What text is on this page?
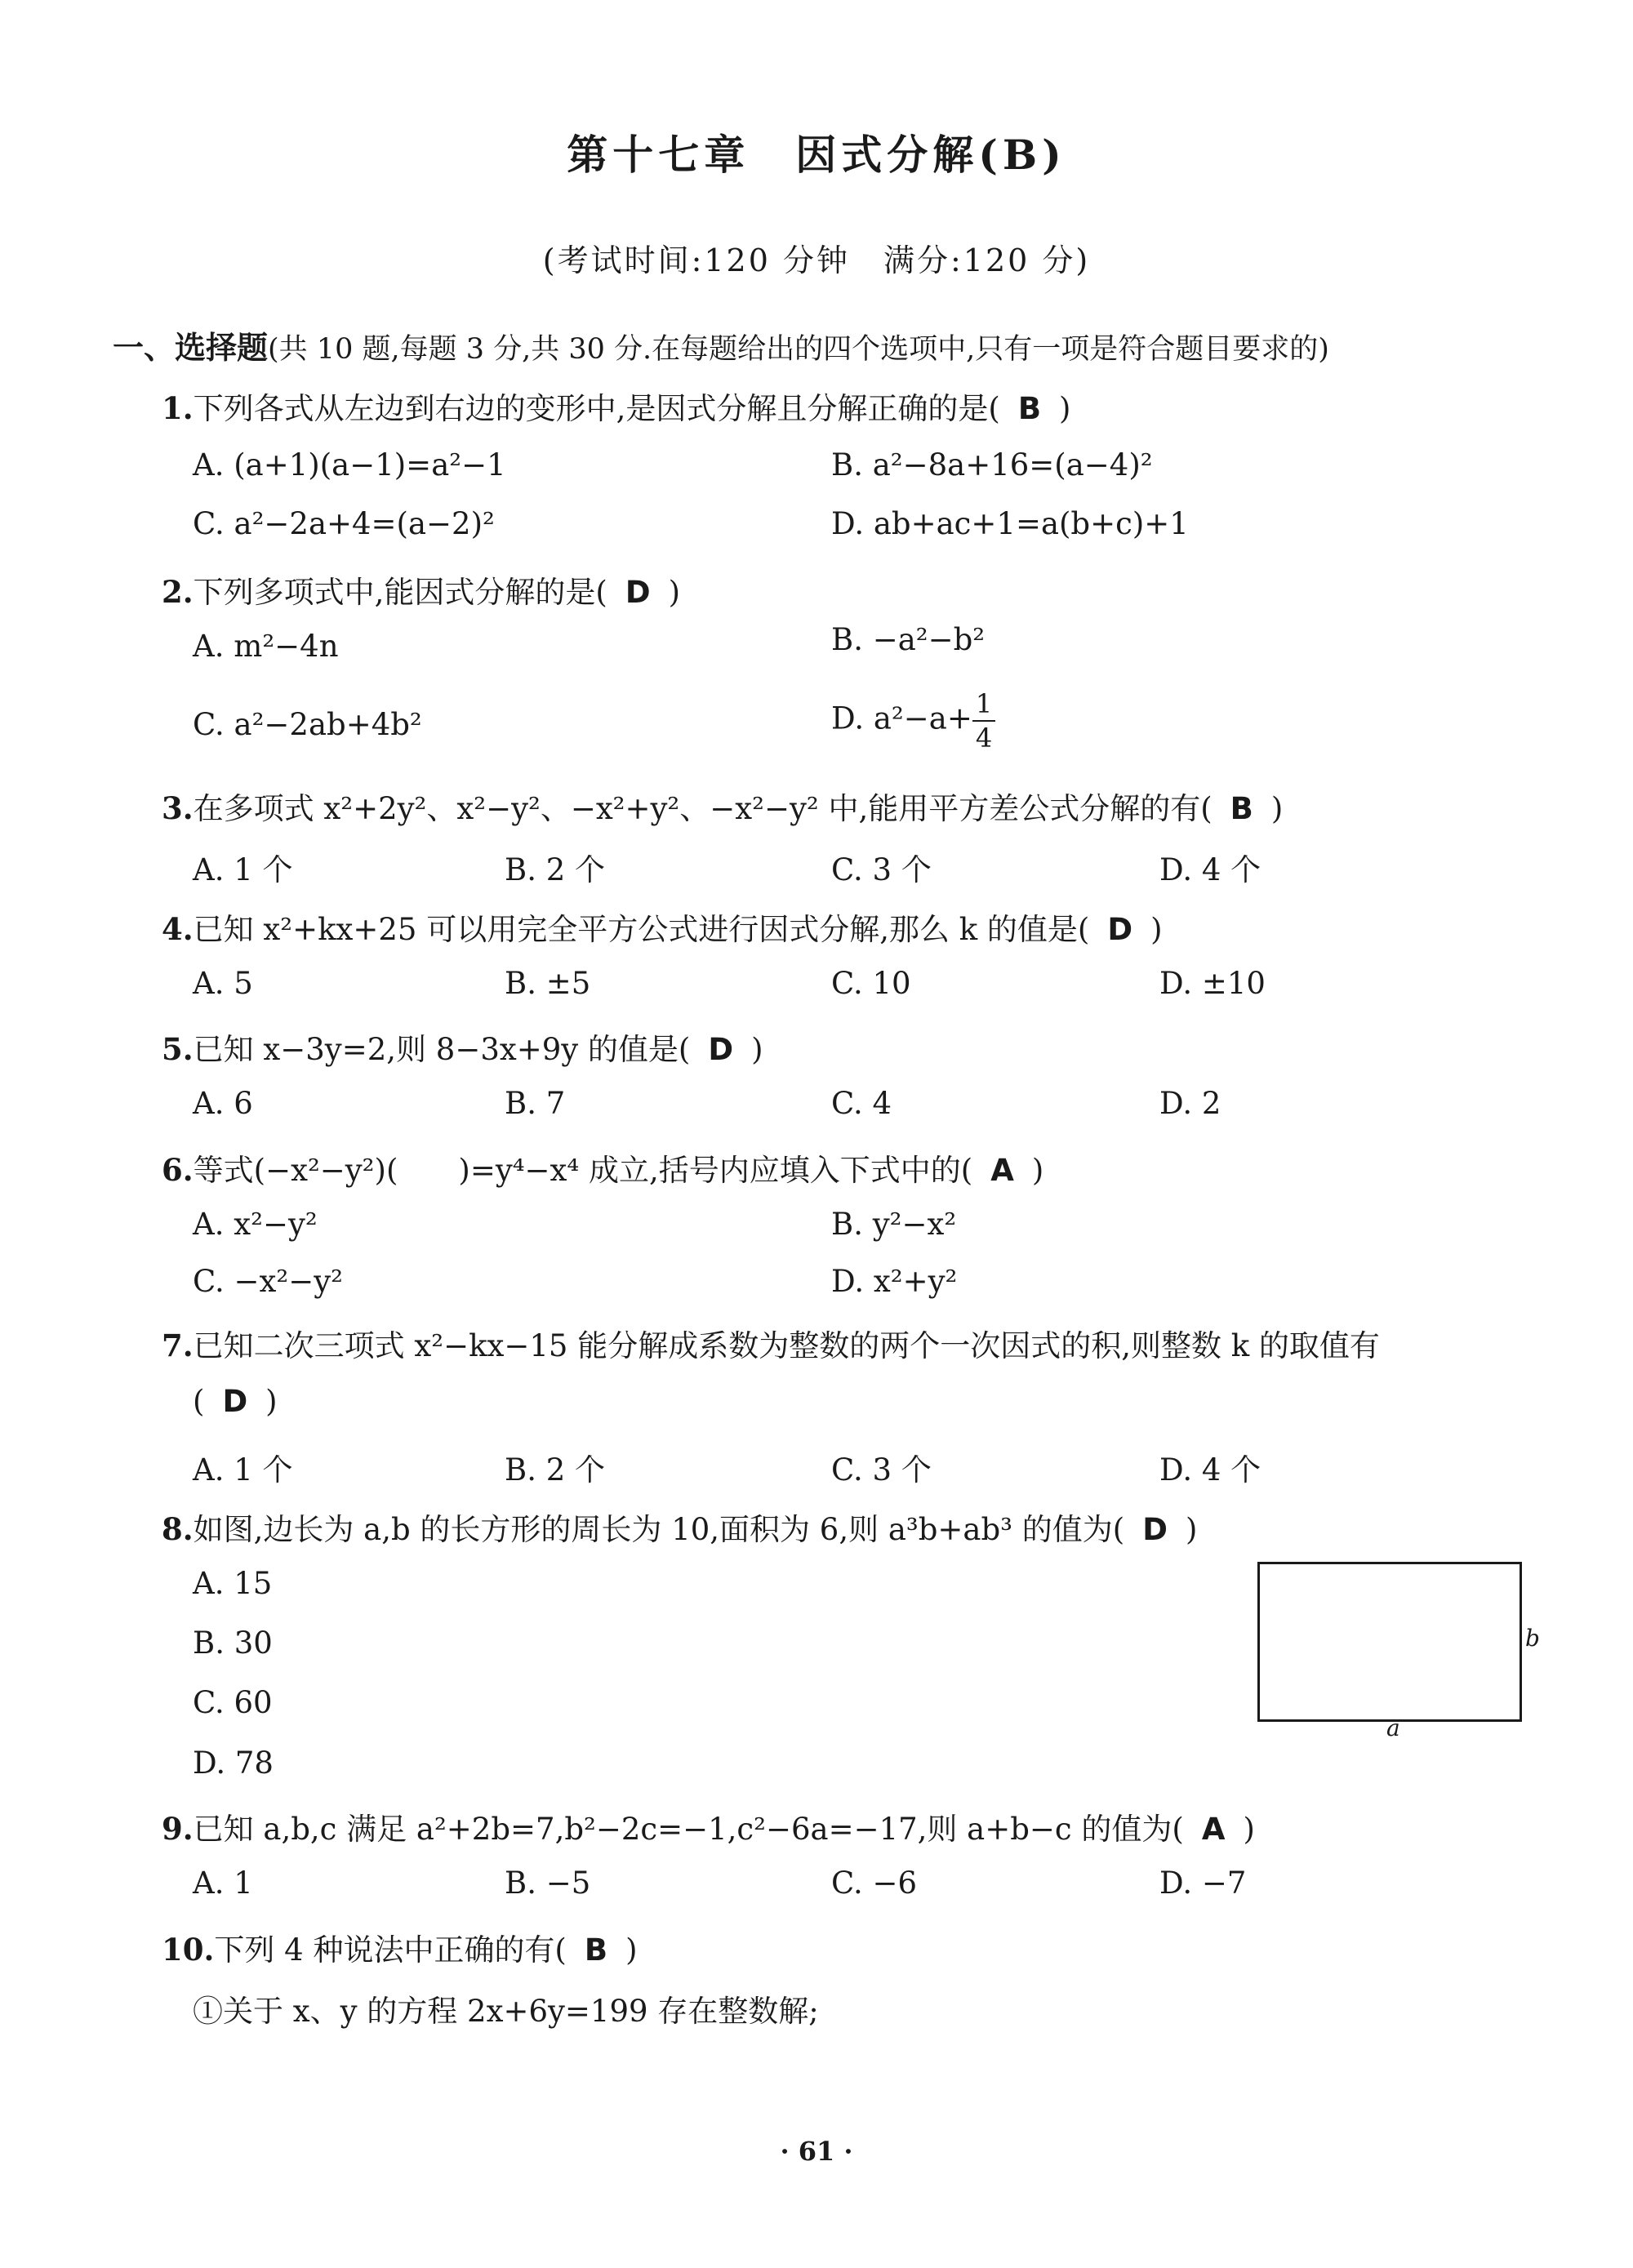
第十七章　因式分解(B)
(考试时间:120 分钟　满分:120 分)
一、选择题(共 10 题,每题 3 分,共 30 分.在每题给出的四个选项中,只有一项是符合题目要求的)
1.下列各式从左边到右边的变形中,是因式分解且分解正确的是( B )
A. (a+1)(a−1)=a²−1	B. a²−8a+16=(a−4)²
C. a²−2a+4=(a−2)²	D. ab+ac+1=a(b+c)+1
2.下列多项式中,能因式分解的是( D )
A. m²−4n	B. −a²−b²
C. a²−2ab+4b²	D. $a^2-a+ \frac{1}{4}$
3.在多项式 x²+2y²、x²−y²、−x²+y²、−x²−y² 中,能用平方差公式分解的有( B )
A. 1 个	B. 2 个	C. 3 个	D. 4 个
4.已知 x²+kx+25 可以用完全平方公式进行因式分解,那么 k 的值是( D )
A. 5	B. ±5	C. 10	D. ±10
5.已知 x−3y=2,则 8−3x+9y 的值是( D )
A. 6	B. 7	C. 4	D. 2
6.等式(−x²−y²)(　　)=y⁴−x⁴ 成立,括号内应填入下式中的( A )
A. x²−y²	B. y²−x²
C. −x²−y²	D. x²+y²
7.已知二次三项式 x²−kx−15 能分解成系数为整数的两个一次因式的积,则整数 k 的取值有
( D )
A. 1 个	B. 2 个	C. 3 个	D. 4 个
8.如图,边长为 a,b 的长方形的周长为 10,面积为 6,则 a³b+ab³ 的值为( D )
A. 15
B. 30
C. 60
D. 78
b
a
9.已知 a,b,c 满足 a²+2b=7,b²−2c=−1,c²−6a=−17,则 a+b−c 的值为( A )
A. 1	B. −5	C. −6	D. −7
10.下列 4 种说法中正确的有( B )
①关于 x、y 的方程 2x+6y=199 存在整数解;
· 61 ·
